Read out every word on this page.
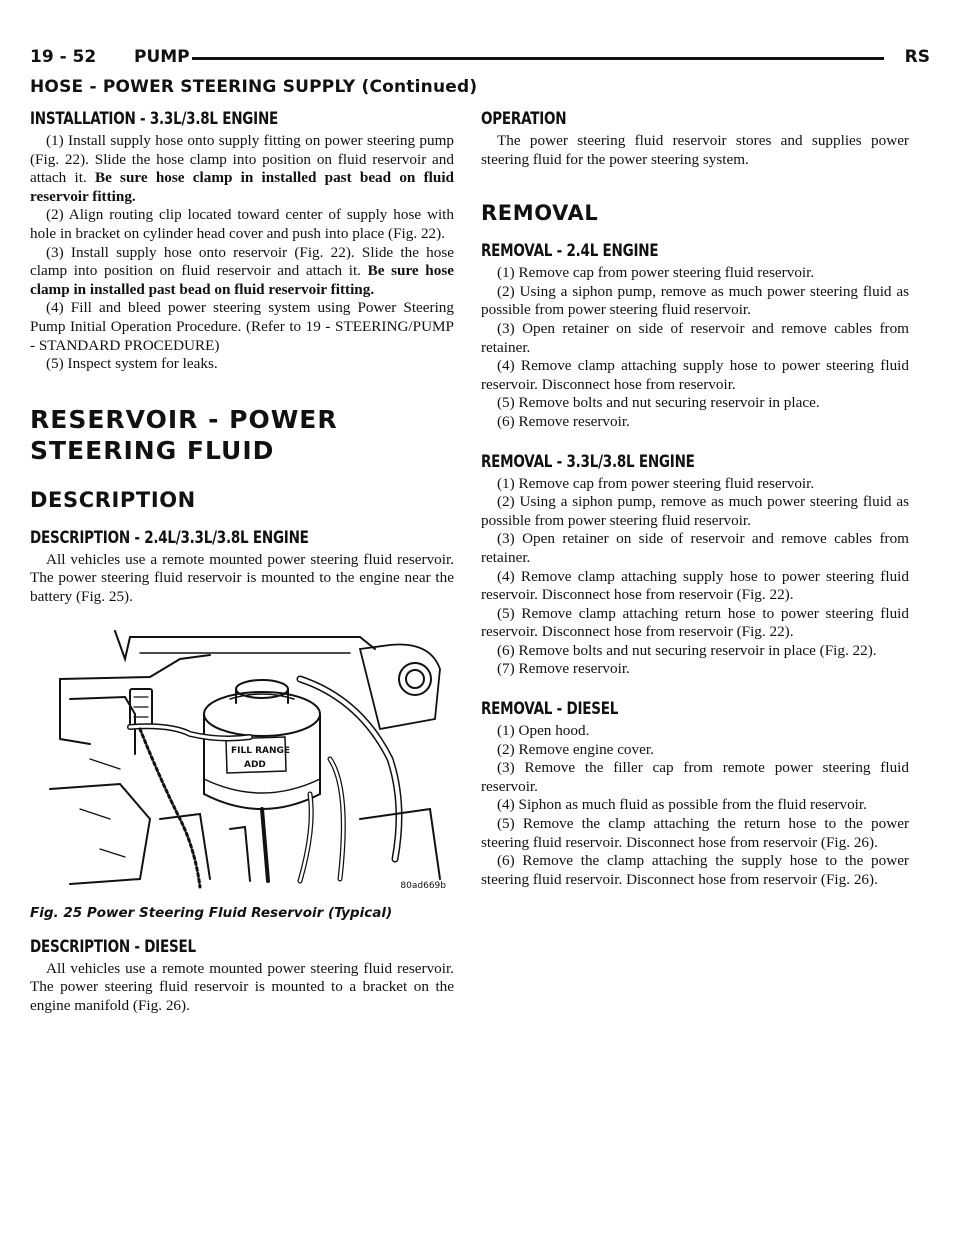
19 - 52 PUMP	RS
HOSE - POWER STEERING SUPPLY (Continued)
INSTALLATION - 3.3L/3.8L ENGINE

(1) Install supply hose onto supply fitting on power steering pump (Fig. 22). Slide the hose clamp into position on fluid reservoir and attach it. Be sure hose clamp in installed past bead on fluid reservoir fitting.

(2) Align routing clip located toward center of supply hose with hole in bracket on cylinder head cover and push into place (Fig. 22).

(3) Install supply hose onto reservoir (Fig. 22). Slide the hose clamp into position on fluid reservoir and attach it. Be sure hose clamp in installed past bead on fluid reservoir fitting.

(4) Fill and bleed power steering system using Power Steering Pump Initial Operation Procedure. (Refer to 19 - STEERING/PUMP - STANDARD PROCEDURE)

(5) Inspect system for leaks.

RESERVOIR - POWER
STEERING FLUID
DESCRIPTION
DESCRIPTION - 2.4L/3.3L/3.8L ENGINE

All vehicles use a remote mounted power steering fluid reservoir. The power steering fluid reservoir is mounted to the engine near the battery (Fig. 25).

FILL RANGE
ADD
80ad669b
Fig. 25 Power Steering Fluid Reservoir (Typical)
DESCRIPTION - DIESEL

All vehicles use a remote mounted power steering fluid reservoir. The power steering fluid reservoir is mounted to a bracket on the engine manifold (Fig. 26).

OPERATION

The power steering fluid reservoir stores and supplies power steering fluid for the power steering system.

REMOVAL
REMOVAL - 2.4L ENGINE

(1) Remove cap from power steering fluid reservoir.

(2) Using a siphon pump, remove as much power steering fluid as possible from power steering fluid reservoir.

(3) Open retainer on side of reservoir and remove cables from retainer.

(4) Remove clamp attaching supply hose to power steering fluid reservoir. Disconnect hose from reservoir.

(5) Remove bolts and nut securing reservoir in place.

(6) Remove reservoir.

REMOVAL - 3.3L/3.8L ENGINE

(1) Remove cap from power steering fluid reservoir.

(2) Using a siphon pump, remove as much power steering fluid as possible from power steering fluid reservoir.

(3) Open retainer on side of reservoir and remove cables from retainer.

(4) Remove clamp attaching supply hose to power steering fluid reservoir. Disconnect hose from reservoir (Fig. 22).

(5) Remove clamp attaching return hose to power steering fluid reservoir. Disconnect hose from reservoir (Fig. 22).

(6) Remove bolts and nut securing reservoir in place (Fig. 22).

(7) Remove reservoir.

REMOVAL - DIESEL

(1) Open hood.

(2) Remove engine cover.

(3) Remove the filler cap from remote power steering fluid reservoir.

(4) Siphon as much fluid as possible from the fluid reservoir.

(5) Remove the clamp attaching the return hose to the power steering fluid reservoir. Disconnect hose from reservoir (Fig. 26).

(6) Remove the clamp attaching the supply hose to the power steering fluid reservoir. Disconnect hose from reservoir (Fig. 26).
